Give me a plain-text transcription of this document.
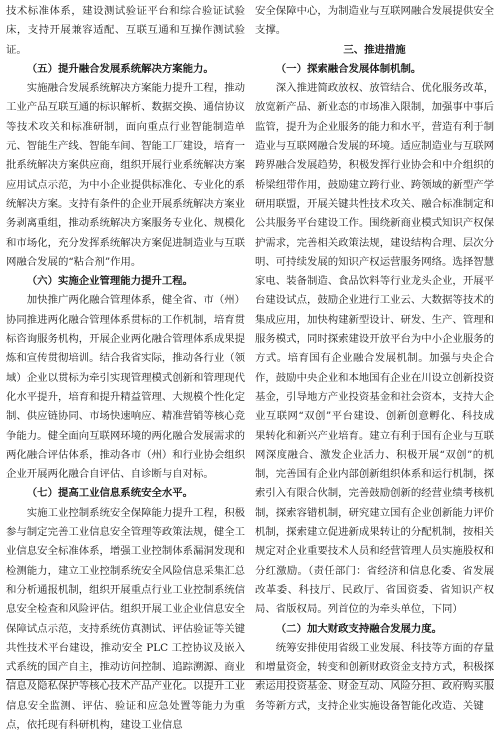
技术标准体系，建设测试验证平台和综合验证试验床，支持开展兼容适配、互联互通和互操作测试验证。

（五）提升融合发展系统解决方案能力。

实施融合发展系统解决方案能力提升工程，推动工业产品互联互通的标识解析、数据交换、通信协议等技术攻关和标准研制，面向重点行业智能制造单元、智能生产线、智能车间、智能工厂建设，培育一批系统解决方案供应商，组织开展行业系统解决方案应用试点示范，为中小企业提供标准化、专业化的系统解决方案。支持有条件的企业开展系统解决方案业务剥离重组，推动系统解决方案服务专业化、规模化和市场化，充分发挥系统解决方案促进制造业与互联网融合发展的“粘合剂”作用。

（六）实施企业管理能力提升工程。

加快推广两化融合管理体系，健全省、市（州）协同推进两化融合管理体系贯标的工作机制，培育贯标咨询服务机构，开展企业两化融合管理体系成果提炼和宣传贯彻培训。结合我省实际，推动各行业（领域）企业以贯标为牵引实现管理模式创新和管理现代化水平提升，培育和提升精益管理、大规模个性化定制、供应链协同、市场快速响应、精准营销等核心竞争能力。健全面向互联网环境的两化融合发展需求的两化融合评估体系，推动各市（州）和行业协会组织企业开展两化融合自评估、自诊断与自对标。

（七）提高工业信息系统安全水平。

实施工业控制系统安全保障能力提升工程，积极参与制定完善工业信息安全管理等政策法规，健全工业信息安全标准体系，增强工业控制体系漏洞发现和检测能力，建立工业控制系统安全风险信息采集汇总和分析通报机制，组织开展重点行业工业控制系统信息安全检查和风险评估。组织开展工业企业信息安全保障试点示范，支持系统仿真测试、评估验证等关键共性技术平台建设，推动安全 PLC 工控协议及嵌入式系统的国产自主，推动访问控制、追踪溯源、商业信息及隐私保护等核心技术产品产业化。以提升工业信息安全监测、评估、验证和应急处置等能力为重点，依托现有科研机构，建设工业信息

安全保障中心，为制造业与互联网融合发展提供安全支撑。

三、推进措施
（一）探索融合发展体制机制。

深入推进简政放权、放管结合、优化服务改革，放宽新产品、新业态的市场准入限制，加强事中事后监管，提升为企业服务的能力和水平，营造有利于制造业与互联网融合发展的环境。适应制造业与互联网跨界融合发展趋势，积极发挥行业协会和中介组织的桥梁纽带作用，鼓励建立跨行业、跨领域的新型产学研用联盟，开展关键共性技术攻关、融合标准制定和公共服务平台建设工作。围绕新商业模式知识产权保护需求，完善相关政策法规，建设结构合理、层次分明、可持续发展的知识产权运营服务网络。选择智慧家电、装备制造、食品饮料等行业龙头企业，开展平台建设试点，鼓励企业进行工业云、大数据等技术的集成应用，加快构建新型设计、研发、生产、管理和服务模式，同时探索建设开放平台为中小企业服务的方式。培育国有企业融合发展机制。加强与央企合作，鼓励中央企业和本地国有企业在川设立创新投资基金，引导地方产业投资基金和社会资本，支持大企业互联网“双创”平台建设、创新创意孵化、科技成果转化和新兴产业培育。建立有利于国有企业与互联网深度融合、激发企业活力、积极开展“双创”的机制，完善国有企业内部创新组织体系和运行机制，探索引入有限合伙制，完善鼓励创新的经营业绩考核机制，探索容错机制，研究建立国有企业创新能力评价机制，探索建立促进新成果转让的分配机制，按相关规定对企业重要技术人员和经营管理人员实施股权和分红激励。（责任部门：省经济和信息化委、省发展改革委、科技厅、民政厅、省国资委、省知识产权局、省版权局。列首位的为牵头单位，下同）

（二）加大财政支持融合发展力度。

统筹安排使用省级工业发展、科技等方面的存量和增量资金，转变和创新财政资金支持方式，积极探索运用投资基金、财金互动、风险分担、政府购买服务等新方式，支持企业实施设备智能化改造、关键
